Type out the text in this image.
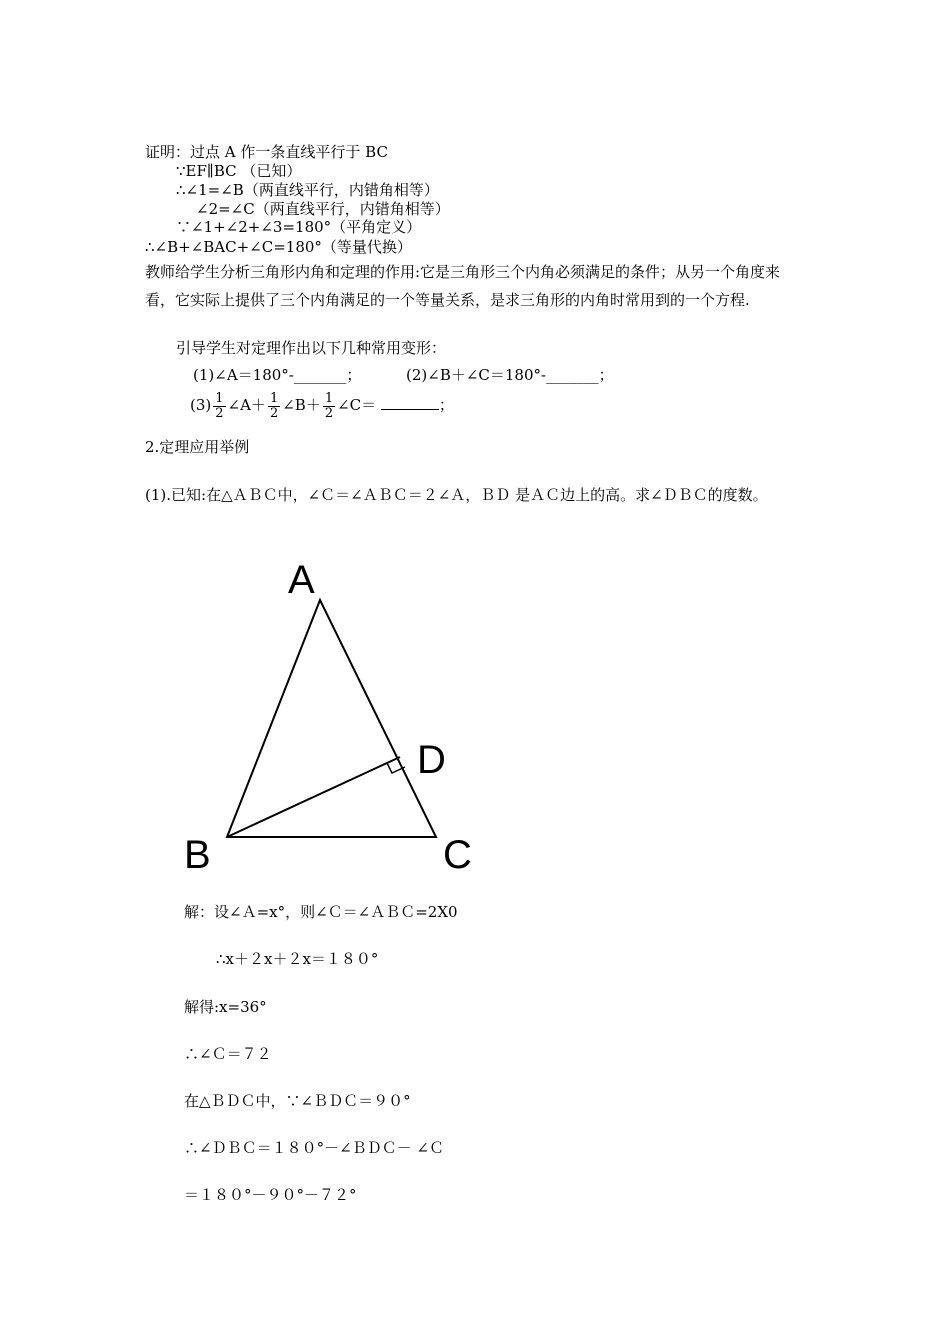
证明：过点 A 作一条直线平行于 BC
∵EF∥BC （已知）
∴∠1=∠B（两直线平行，内错角相等）
∠2=∠C（两直线平行，内错角相等）
∵∠1+∠2+∠3=180°（平角定义）
∴∠B+∠BAC+∠C=180°（等量代换）
教师给学生分析三角形内角和定理的作用:它是三角形三个内角必须满足的条件；从另一个角度来看，它实际上提供了三个内角满足的一个等量关系，是求三角形的内角时常用到的一个方程.
引导学生对定理作出以下几种常用变形：
(1)∠A＝180°-_______；	(2)∠B＋∠C＝180°-_______；
$(3) \frac{1}{2}$ ∠A＋ $\frac{1}{2}$ ∠B＋ $\frac{1}{2}$ ∠C＝	；
2.定理应用举例
(1).已知:在△ＡＢＣ中，∠Ｃ＝∠ＡＢＣ＝２∠Ａ，ＢＤ 是ＡＣ边上的高。求∠ＤＢＣ的度数。
A
B	C
D
解：设∠Ａ=x°，则∠Ｃ＝∠ＡＢＣ=2X0
∴x＋２x＋２x＝１８０°
解得:x=36°
∴∠Ｃ＝７２
在△ＢＤＣ中，∵∠ＢＤＣ＝９０°
∴∠ＤＢＣ＝１８０°－∠ＢＤＣ－ ∠Ｃ
＝１８０°－９０°－７２°
